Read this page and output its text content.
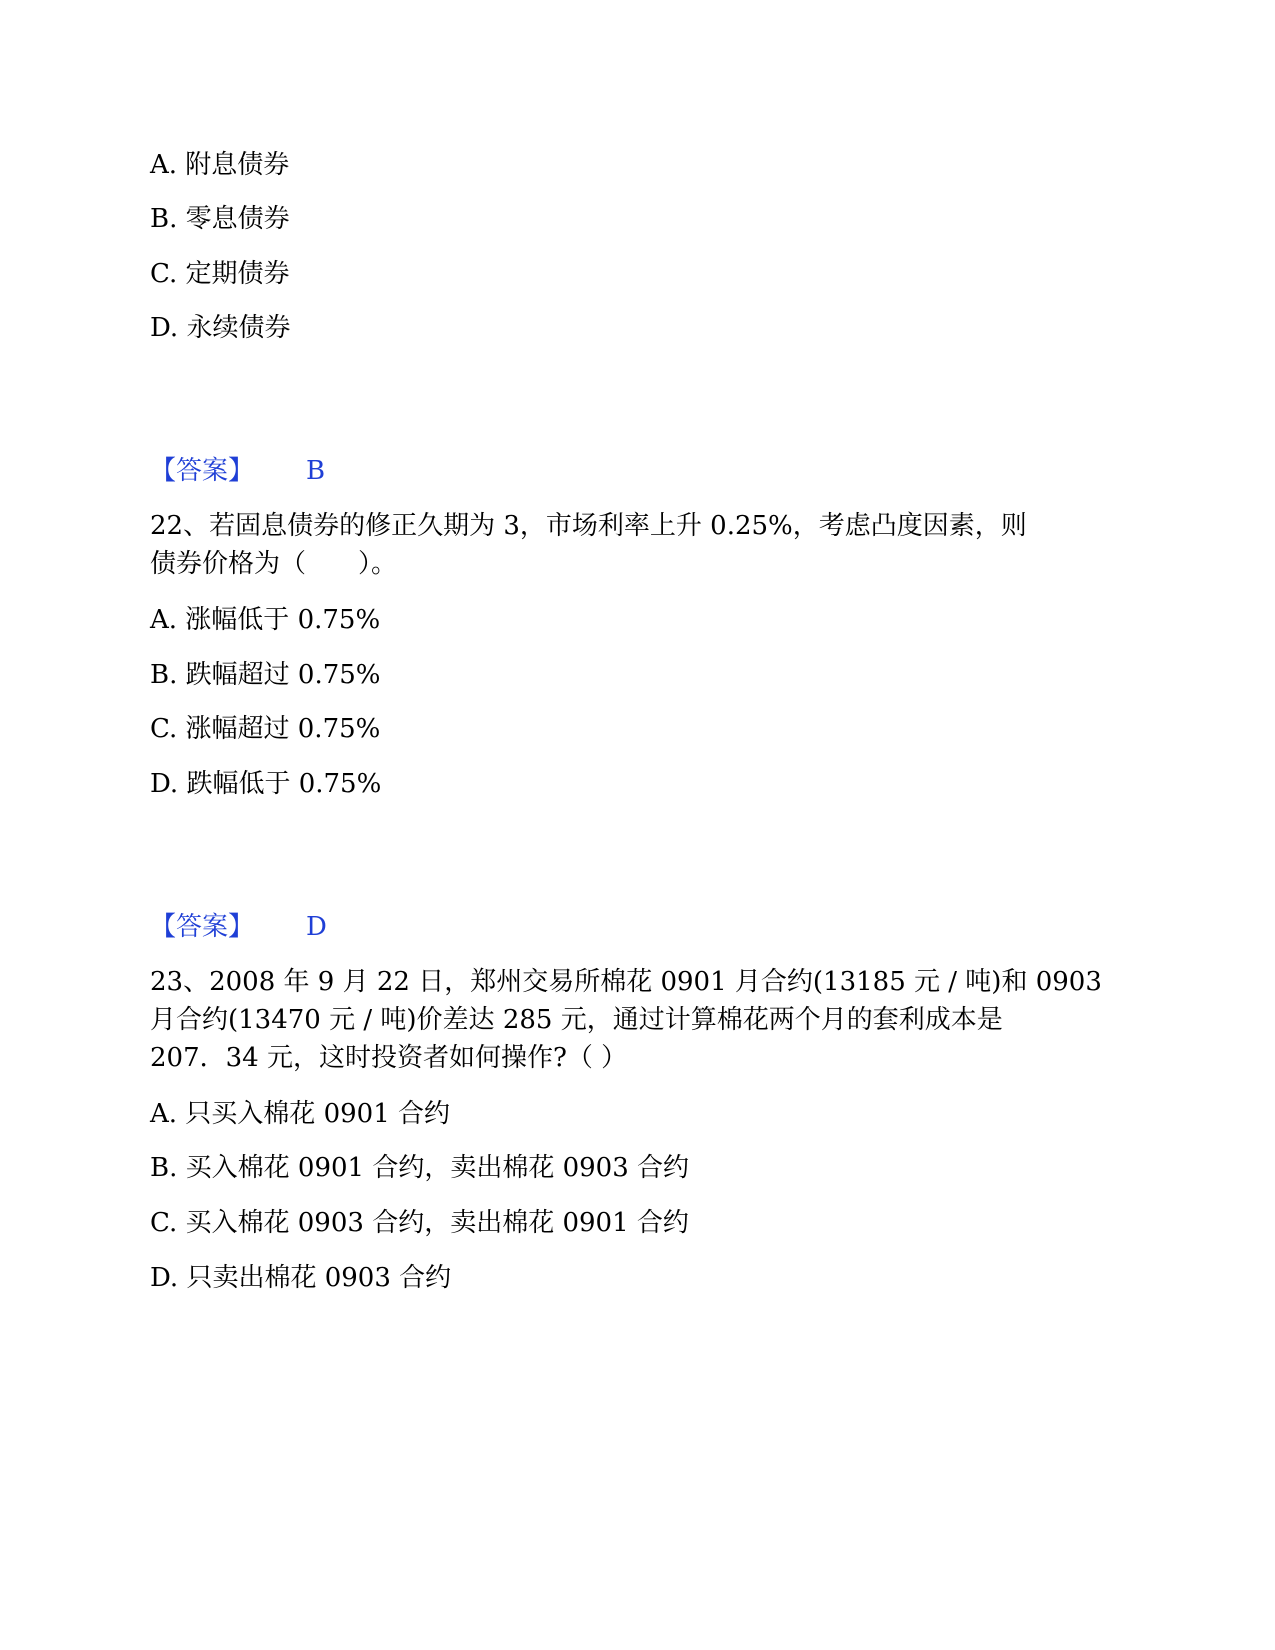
A. 附息债券
B. 零息债券
C. 定期债券
D. 永续债券
【答案】 B
22、若固息债券的修正久期为 3，市场利率上升 0.25%，考虑凸度因素，则
债券价格为（　　）。
A. 涨幅低于 0.75%
B. 跌幅超过 0.75%
C. 涨幅超过 0.75%
D. 跌幅低于 0.75%
【答案】 D
23、2008 年 9 月 22 日，郑州交易所棉花 0901 月合约(13185 元 / 吨)和 0903
月合约(13470 元 / 吨)价差达 285 元，通过计算棉花两个月的套利成本是
207．34 元，这时投资者如何操作?（ ）
A. 只买入棉花 0901 合约
B. 买入棉花 0901 合约，卖出棉花 0903 合约
C. 买入棉花 0903 合约，卖出棉花 0901 合约
D. 只卖出棉花 0903 合约
